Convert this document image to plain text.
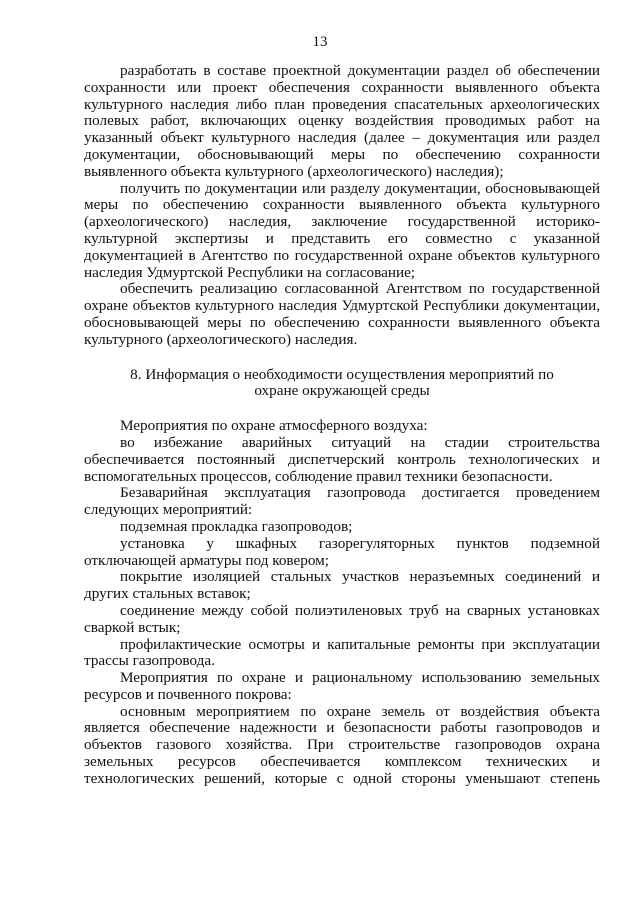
13
разработать в составе проектной документации раздел об обеспечении
сохранности или проект обеспечения сохранности выявленного объекта
культурного наследия либо план проведения спасательных археологических
полевых работ, включающих оценку воздействия проводимых работ на
указанный объект культурного наследия (далее – документация или раздел
документации, обосновывающий меры по обеспечению сохранности
выявленного объекта культурного (археологического) наследия);
получить по документации или разделу документации, обосновывающей
меры по обеспечению сохранности выявленного объекта культурного
(археологического) наследия, заключение государственной историко-
культурной экспертизы и представить его совместно с указанной
документацией в Агентство по государственной охране объектов культурного
наследия Удмуртской Республики на согласование;
обеспечить реализацию согласованной Агентством по государственной
охране объектов культурного наследия Удмуртской Республики документации,
обосновывающей меры по обеспечению сохранности выявленного объекта
культурного (археологического) наследия.
8. Информация о необходимости осуществления мероприятий по
охране окружающей среды
Мероприятия по охране атмосферного воздуха:
во избежание аварийных ситуаций на стадии строительства
обеспечивается постоянный диспетчерский контроль технологических и
вспомогательных процессов, соблюдение правил техники безопасности.
Безаварийная эксплуатация газопровода достигается проведением
следующих мероприятий:
подземная прокладка газопроводов;
установка у шкафных газорегуляторных пунктов подземной
отключающей арматуры под ковером;
покрытие изоляцией стальных участков неразъемных соединений и
других стальных вставок;
соединение между собой полиэтиленовых труб на сварных установках
сваркой встык;
профилактические осмотры и капитальные ремонты при эксплуатации
трассы газопровода.
Мероприятия по охране и рациональному использованию земельных
ресурсов и почвенного покрова:
основным мероприятием по охране земель от воздействия объекта
является обеспечение надежности и безопасности работы газопроводов и
объектов газового хозяйства. При строительстве газопроводов охрана
земельных ресурсов обеспечивается комплексом технических и
технологических решений, которые с одной стороны уменьшают степень
